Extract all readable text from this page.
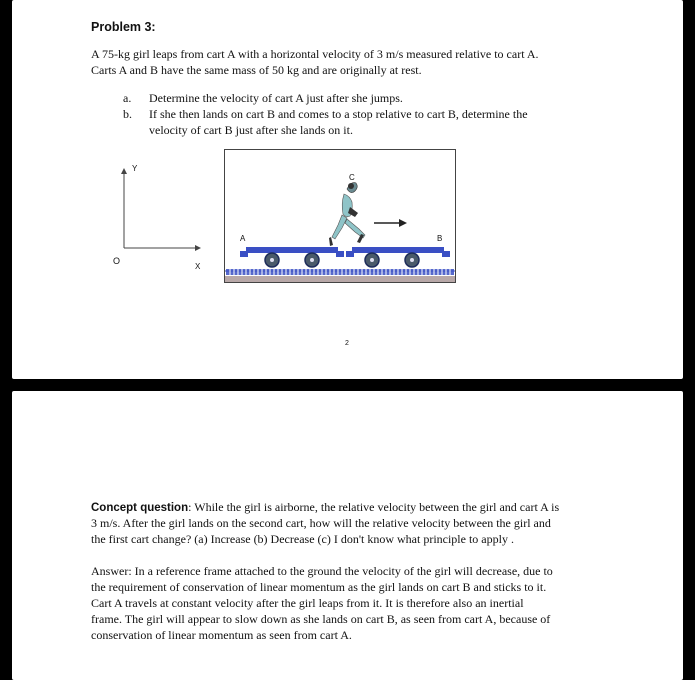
Problem 3:
A 75-kg girl leaps from cart A with a horizontal velocity of 3 m/s measured relative to cart A.
Carts A and B have the same mass of 50 kg and are originally at rest.
a. Determine the velocity of cart A just after she jumps.
b. If she then lands on cart B and comes to a stop relative to cart B, determine the
velocity of cart B just after she lands on it.
Y
X
O
C
A	B
2
Concept question: While the girl is airborne, the relative velocity between the girl and cart A is
3 m/s. After the girl lands on the second cart, how will the relative velocity between the girl and
the first cart change? (a) Increase (b) Decrease (c) I don't know what principle to apply .
Answer: In a reference frame attached to the ground the velocity of the girl will decrease, due to
the requirement of conservation of linear momentum as the girl lands on cart B and sticks to it.
Cart A travels at constant velocity after the girl leaps from it. It is therefore also an inertial
frame. The girl will appear to slow down as she lands on cart B, as seen from cart A, because of
conservation of linear momentum as seen from cart A.
